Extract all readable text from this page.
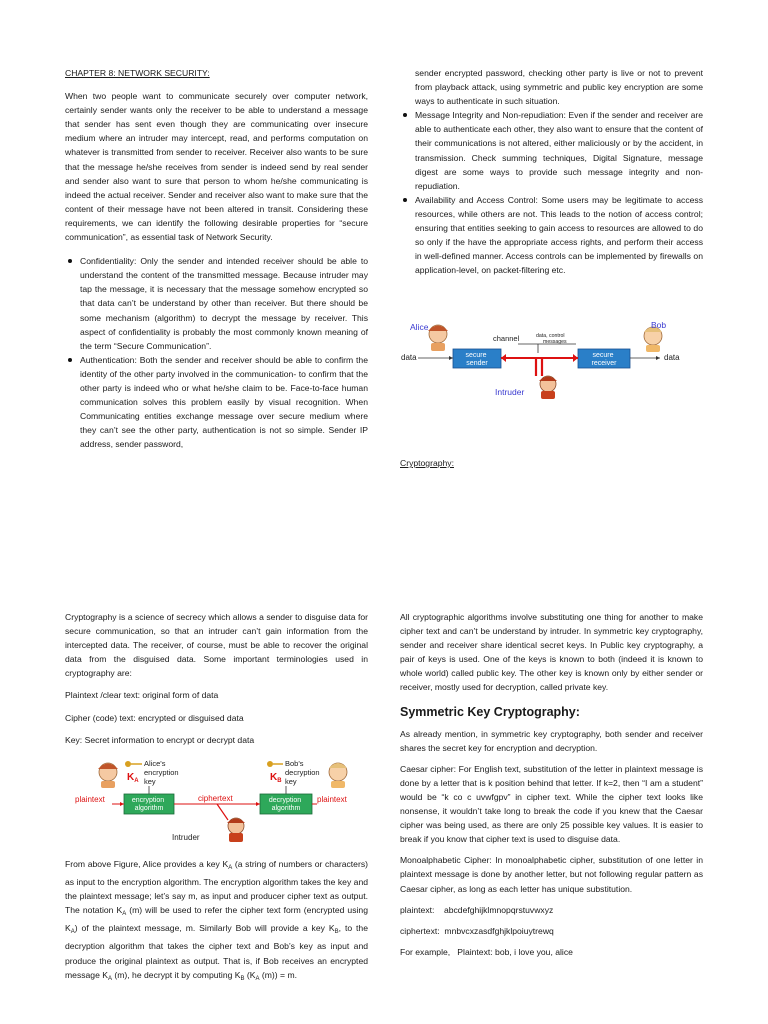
CHAPTER 8: NETWORK SECURITY:

When two people want to communicate securely over computer network, certainly sender wants only the receiver to be able to understand a message that sender has sent even though they are communicating over insecure medium where an intruder may intercept, read, and performs computation on whatever is transmitted from sender to receiver. Receiver also wants to be sure that the message he/she receives from sender is indeed send by real sender and sender also want to sure that person to whom he/she communicating is indeed the actual receiver. Sender and receiver also want to make sure that the content of their message have not been altered in transit. Considering these requirements, we can identify the following desirable properties for “secure communication”, as essential task of Network Security.

Confidentiality: Only the sender and intended receiver should be able to understand the content of the transmitted message. Because intruder may tap the message, it is necessary that the message somehow encrypted so that data can’t be understand by other than receiver. But there should be some mechanism (algorithm) to decrypt the message by receiver. This aspect of confidentiality is probably the most commonly known meaning of the term “Secure Communication”.
Authentication: Both the sender and receiver should be able to confirm the identity of the other party involved in the communication- to confirm that the other party is indeed who or what he/she claim to be. Face-to-face human communication solves this problem easily by visual recognition. When Communicating entities exchange message over secure medium where they can’t see the other party, authentication is not so simple. Sender IP address, sender password,

sender encrypted password, checking other party is live or not to prevent from playback attack, using symmetric and public key encryption are some ways to authenticate in such situation.

Message Integrity and Non-repudiation: Even if the sender and receiver are able to authenticate each other, they also want to ensure that the content of their communications is not altered, either maliciously or by the accident, in transmission. Check summing techniques, Digital Signature, message digest are some ways to provide such message integrity and non-repudiation.
Availability and Access Control: Some users may be legitimate to access resources, while others are not. This leads to the notion of access control; ensuring that entities seeking to gain access to resources are allowed to do so only if the have the appropriate access rights, and perform their access in well-defined manner. Access controls can be implemented by firewalls on application-level, on packet-filtering etc.
Alice	Bob
channel	data, control messages
secure sender
secure receiver
data	data
Intruder

Cryptography:

Cryptography is a science of secrecy which allows a sender to disguise data for secure communication, so that an intruder can’t gain information from the intercepted data. The receiver, of course, must be able to recover the original data from the disguised data. Some important terminologies used in cryptography are:

Plaintext /clear text: original form of data

Cipher (code) text: encrypted or disguised data

Key: Secret information to encrypt or decrypt data

Alice's encryption key
$K_A$
Bob's decryption key
$K_B$
encryption algorithm
decryption algorithm
plaintext	ciphertext	plaintext
Intruder

From above Figure, Alice provides a key $K_A$ (a string of numbers or characters) as input to the encryption algorithm. The encryption algorithm takes the key and the plaintext message; let’s say m, as input and producer cipher text as output. The notation $K_A$ (m) will be used to refer the cipher text form (encrypted using $K_A$) of the plaintext message, m. Similarly Bob will provide a key $K_B$, to the decryption algorithm that takes the cipher text and Bob’s key as input and produce the original plaintext as output. That is, if Bob receives an encrypted message $K_A$ (m), he decrypt it by computing $K_B$ ($K_A$ (m)) = m.

All cryptographic algorithms involve substituting one thing for another to make cipher text and can’t be understand by intruder. In symmetric key cryptography, sender and receiver share identical secret keys. In Public key cryptography, a pair of keys is used. One of the keys is known to both (indeed it is known to whole world) called public key. The other key is known only by either sender or receiver, mostly used for decryption, called private key.

Symmetric Key Cryptography:

As already mention, in symmetric key cryptography, both sender and receiver shares the secret key for encryption and decryption.

Caesar cipher: For English text, substitution of the letter in plaintext message is done by a letter that is k position behind that letter. If k=2, then “I am a student” would be “k co c uvwfgpv” in cipher text. While the cipher text looks like nonsense, it wouldn’t take long to break the code if you knew that the Caesar cipher was being used, as there are only 25 possible key values. It is easier to break if you know that cipher text is used to disguise data.

Monoalphabetic Cipher: In monoalphabetic cipher, substitution of one letter in plaintext message is done by another letter, but not following regular pattern as Caesar cipher, as long as each letter has unique substitution.

plaintext:    abcdefghijklmnopqrstuvwxyz

ciphertext:  mnbvcxzasdfghjklpoiuytrewq

For example,   Plaintext: bob, i love you, alice
